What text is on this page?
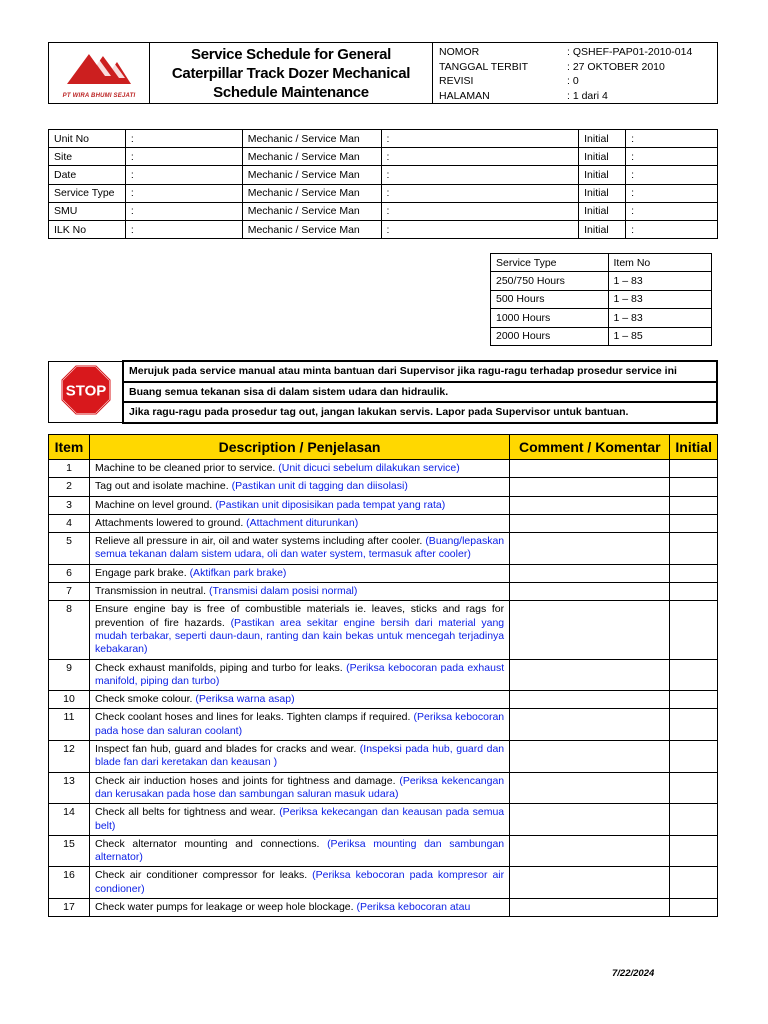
PT WIRA BHUMI SEJATI

Service Schedule for General
Caterpillar Track Dozer Mechanical
Schedule Maintenance

NOMOR	: QSHEF-PAP01-2010-014
TANGGAL TERBIT	: 27 OKTOBER 2010
REVISI	: 0
HALAMAN	: 1 dari 4
Unit No	:	Mechanic / Service Man	:	Initial	:
Site	:	Mechanic / Service Man	:	Initial	:
Date	:	Mechanic / Service Man	:	Initial	:
Service Type	:	Mechanic / Service Man	:	Initial	:
SMU	:	Mechanic / Service Man	:	Initial	:
ILK No	:	Mechanic / Service Man	:	Initial	:
Service Type	Item No
250/750 Hours	1 – 83
500 Hours	1 – 83
1000 Hours	1 – 83
2000 Hours	1 – 85
STOP
	Merujuk pada service manual atau minta bantuan dari Supervisor jika ragu-ragu terhadap prosedur service ini
Buang semua tekanan sisa di dalam sistem udara dan hidraulik.
Jika ragu-ragu pada prosedur tag out, jangan lakukan servis. Lapor pada Supervisor untuk bantuan.
Item	Description / Penjelasan	Comment / Komentar	Initial
1	Machine to be cleaned prior to service. (Unit dicuci sebelum dilakukan service)		
2	Tag out and isolate machine. (Pastikan unit di tagging dan diisolasi)		
3	Machine on level ground. (Pastikan unit diposisikan pada tempat yang rata)		
4	Attachments lowered to ground. (Attachment diturunkan)		
5	Relieve all pressure in air, oil and water systems including after cooler. (Buang/lepaskan semua tekanan dalam sistem udara, oli dan water system, termasuk after cooler)		
6	Engage park brake. (Aktifkan park brake)		
7	Transmission in neutral. (Transmisi dalam posisi normal)		
8	Ensure engine bay is free of combustible materials ie. leaves, sticks and rags for prevention of fire hazards. (Pastikan area sekitar engine bersih dari material yang mudah terbakar, seperti daun-daun, ranting dan kain bekas untuk mencegah terjadinya kebakaran)		
9	Check exhaust manifolds, piping and turbo for leaks. (Periksa kebocoran pada exhaust manifold, piping dan turbo)		
10	Check smoke colour. (Periksa warna asap)		
11	Check coolant hoses and lines for leaks. Tighten clamps if required. (Periksa kebocoran pada hose dan saluran coolant)		
12	Inspect fan hub, guard and blades for cracks and wear. (Inspeksi pada hub, guard dan blade fan dari keretakan dan keausan )		
13	Check air induction hoses and joints for tightness and damage. (Periksa kekencangan dan kerusakan pada hose dan sambungan saluran masuk udara)		
14	Check all belts for tightness and wear. (Periksa kekecangan dan keausan pada semua belt)		
15	Check alternator mounting and connections. (Periksa mounting dan sambungan alternator)		
16	Check air conditioner compressor for leaks. (Periksa kebocoran pada kompresor air condioner)		
17	Check water pumps for leakage or weep hole blockage. (Periksa kebocoran atau		
7/22/2024
